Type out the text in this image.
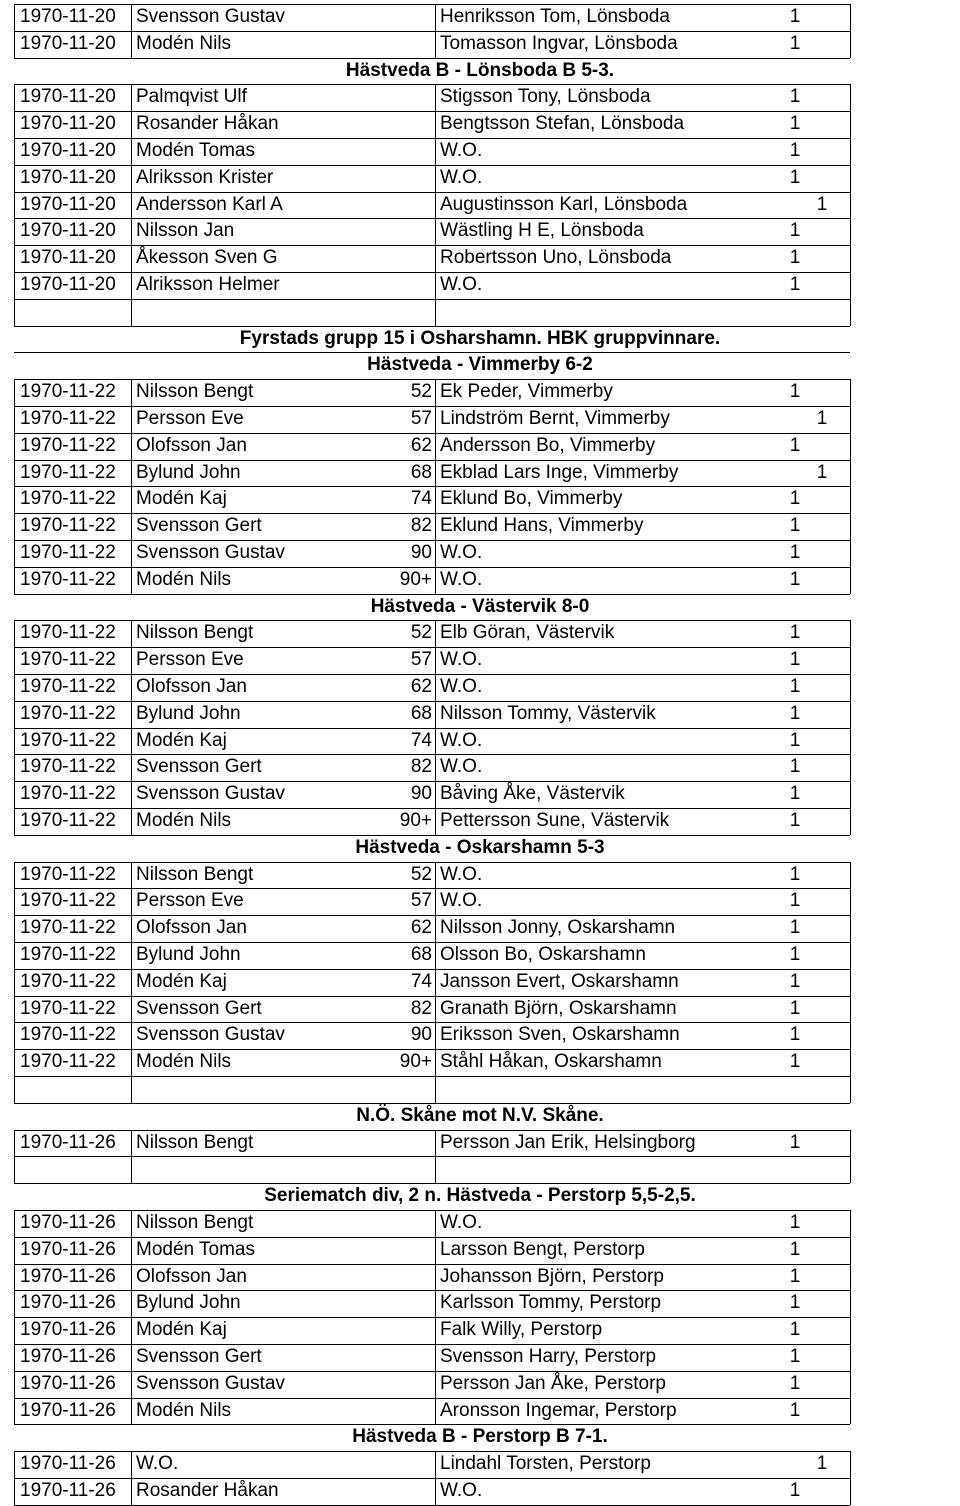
1970-11-20 Svensson Gustav	Henriksson Tom, Lönsboda	1
1970-11-20 Modén Nils	Tomasson Ingvar, Lönsboda	1
Hästveda B - Lönsboda B 5-3.
1970-11-20 Palmqvist Ulf	Stigsson Tony, Lönsboda	1
1970-11-20 Rosander Håkan	Bengtsson Stefan, Lönsboda	1
1970-11-20 Modén Tomas	W.O.	1
1970-11-20 Alriksson Krister	W.O.	1
1970-11-20 Andersson Karl A	Augustinsson Karl, Lönsboda	1
1970-11-20 Nilsson Jan	Wästling H E, Lönsboda	1
1970-11-20 Åkesson Sven G	Robertsson Uno, Lönsboda	1
1970-11-20 Alriksson Helmer	W.O.	1
Fyrstads grupp 15 i Osharshamn. HBK gruppvinnare.
Hästveda - Vimmerby 6-2
1970-11-22 Nilsson Bengt	52 Ek Peder, Vimmerby	1
1970-11-22 Persson Eve	57 Lindström Bernt, Vimmerby	1
1970-11-22 Olofsson Jan	62 Andersson Bo, Vimmerby	1
1970-11-22 Bylund John	68 Ekblad Lars Inge, Vimmerby	1
1970-11-22 Modén Kaj	74 Eklund Bo, Vimmerby	1
1970-11-22 Svensson Gert	82 Eklund Hans, Vimmerby	1
1970-11-22 Svensson Gustav	90 W.O.	1
1970-11-22 Modén Nils	90+ W.O.	1
Hästveda - Västervik 8-0
1970-11-22 Nilsson Bengt	52 Elb Göran, Västervik	1
1970-11-22 Persson Eve	57 W.O.	1
1970-11-22 Olofsson Jan	62 W.O.	1
1970-11-22 Bylund John	68 Nilsson Tommy, Västervik	1
1970-11-22 Modén Kaj	74 W.O.	1
1970-11-22 Svensson Gert	82 W.O.	1
1970-11-22 Svensson Gustav	90 Båving Åke, Västervik	1
1970-11-22 Modén Nils	90+ Pettersson Sune, Västervik	1
Hästveda - Oskarshamn 5-3
1970-11-22 Nilsson Bengt	52 W.O.	1
1970-11-22 Persson Eve	57 W.O.	1
1970-11-22 Olofsson Jan	62 Nilsson Jonny, Oskarshamn	1
1970-11-22 Bylund John	68 Olsson Bo, Oskarshamn	1
1970-11-22 Modén Kaj	74 Jansson Evert, Oskarshamn	1
1970-11-22 Svensson Gert	82 Granath Björn, Oskarshamn	1
1970-11-22 Svensson Gustav	90 Eriksson Sven, Oskarshamn	1
1970-11-22 Modén Nils	90+ Ståhl Håkan, Oskarshamn	1
N.Ö. Skåne mot N.V. Skåne.
1970-11-26 Nilsson Bengt	Persson Jan Erik, Helsingborg	1
Seriematch div, 2 n. Hästveda - Perstorp 5,5-2,5.
1970-11-26 Nilsson Bengt	W.O.	1
1970-11-26 Modén Tomas	Larsson Bengt, Perstorp	1
1970-11-26 Olofsson Jan	Johansson Björn, Perstorp	1
1970-11-26 Bylund John	Karlsson Tommy, Perstorp	1
1970-11-26 Modén Kaj	Falk Willy, Perstorp	1
1970-11-26 Svensson Gert	Svensson Harry, Perstorp	1
1970-11-26 Svensson Gustav	Persson Jan Åke, Perstorp	1
1970-11-26 Modén Nils	Aronsson Ingemar, Perstorp	1
Hästveda B - Perstorp B 7-1.
1970-11-26 W.O.	Lindahl Torsten, Perstorp	1
1970-11-26 Rosander Håkan	W.O.	1
